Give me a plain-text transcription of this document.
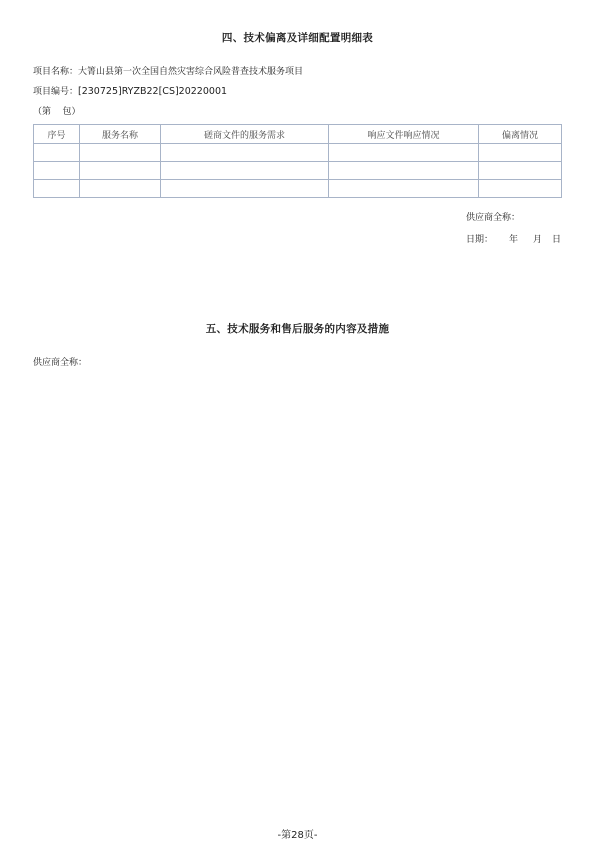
四、技术偏离及详细配置明细表
项目名称：大箐山县第一次全国自然灾害综合风险普查技术服务项目
项目编号：[230725]RYZB22[CS]20220001
（第    包）
序号	服务名称	磋商文件的服务需求	响应文件响应情况	偏离情况

供应商全称：
日期： 年 月 日
五、技术服务和售后服务的内容及措施
供应商全称：
-第28页-
